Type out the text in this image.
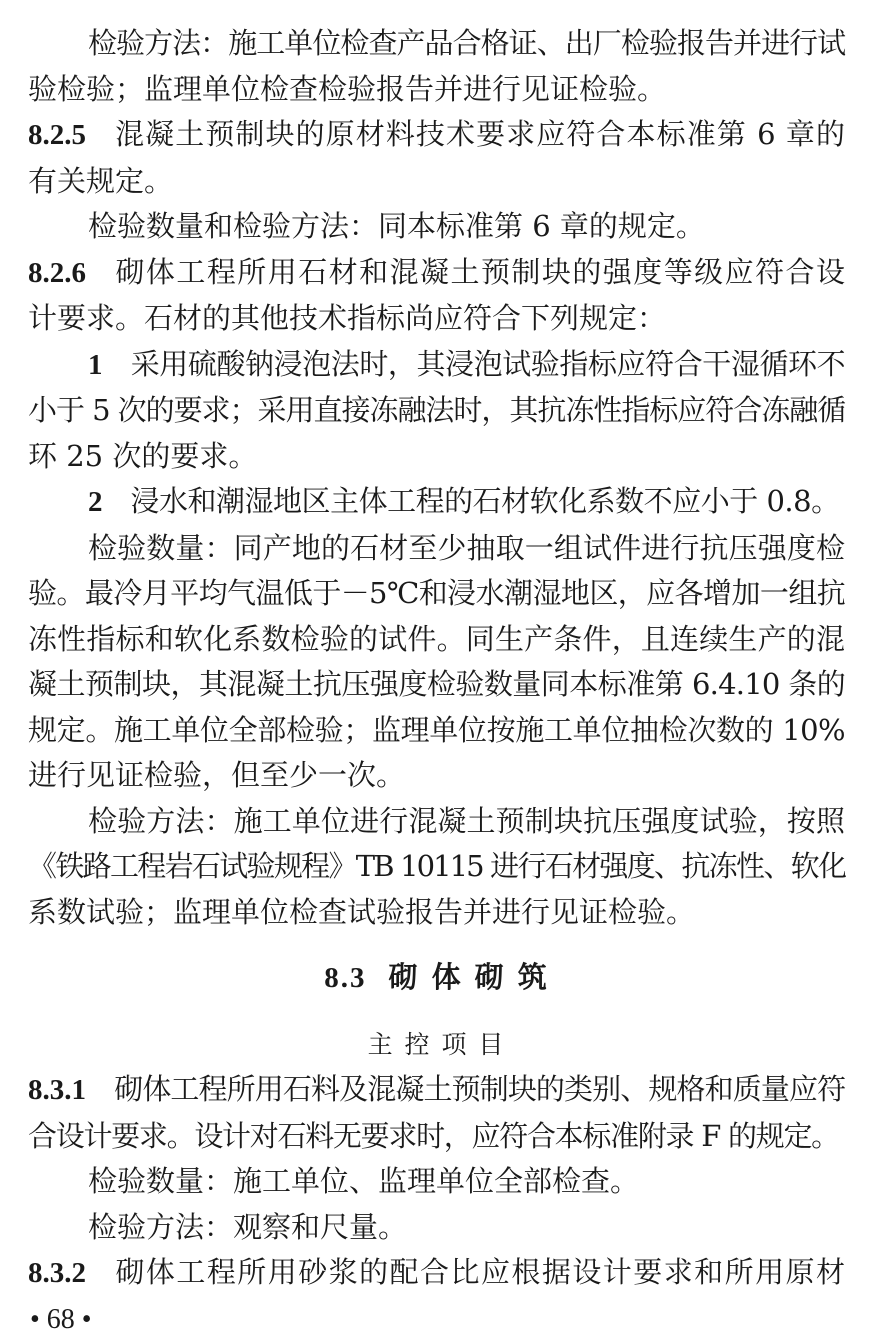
检验方法：施工单位检查产品合格证、出厂检验报告并进行试
验检验；监理单位检查检验报告并进行见证检验。
8.2.5 混凝土预制块的原材料技术要求应符合本标准第 6 章的
有关规定。
检验数量和检验方法：同本标准第 6 章的规定。
8.2.6 砌体工程所用石材和混凝土预制块的强度等级应符合设
计要求。石材的其他技术指标尚应符合下列规定：
1 采用硫酸钠浸泡法时，其浸泡试验指标应符合干湿循环不
小于 5 次的要求；采用直接冻融法时，其抗冻性指标应符合冻融循
环 25 次的要求。
2 浸水和潮湿地区主体工程的石材软化系数不应小于 0.8。
检验数量：同产地的石材至少抽取一组试件进行抗压强度检
验。最冷月平均气温低于－5℃和浸水潮湿地区，应各增加一组抗
冻性指标和软化系数检验的试件。同生产条件，且连续生产的混
凝土预制块，其混凝土抗压强度检验数量同本标准第 6.4.10 条的
规定。施工单位全部检验；监理单位按施工单位抽检次数的 10%
进行见证检验，但至少一次。
检验方法：施工单位进行混凝土预制块抗压强度试验，按照
《铁路工程岩石试验规程》TB 10115 进行石材强度、抗冻性、软化
系数试验；监理单位检查试验报告并进行见证检验。
8.3 砌 体 砌 筑
主 控 项 目
8.3.1 砌体工程所用石料及混凝土预制块的类别、规格和质量应符
合设计要求。设计对石料无要求时，应符合本标准附录 F 的规定。
检验数量：施工单位、监理单位全部检查。
检验方法：观察和尺量。
8.3.2 砌体工程所用砂浆的配合比应根据设计要求和所用原材
• 68 •
